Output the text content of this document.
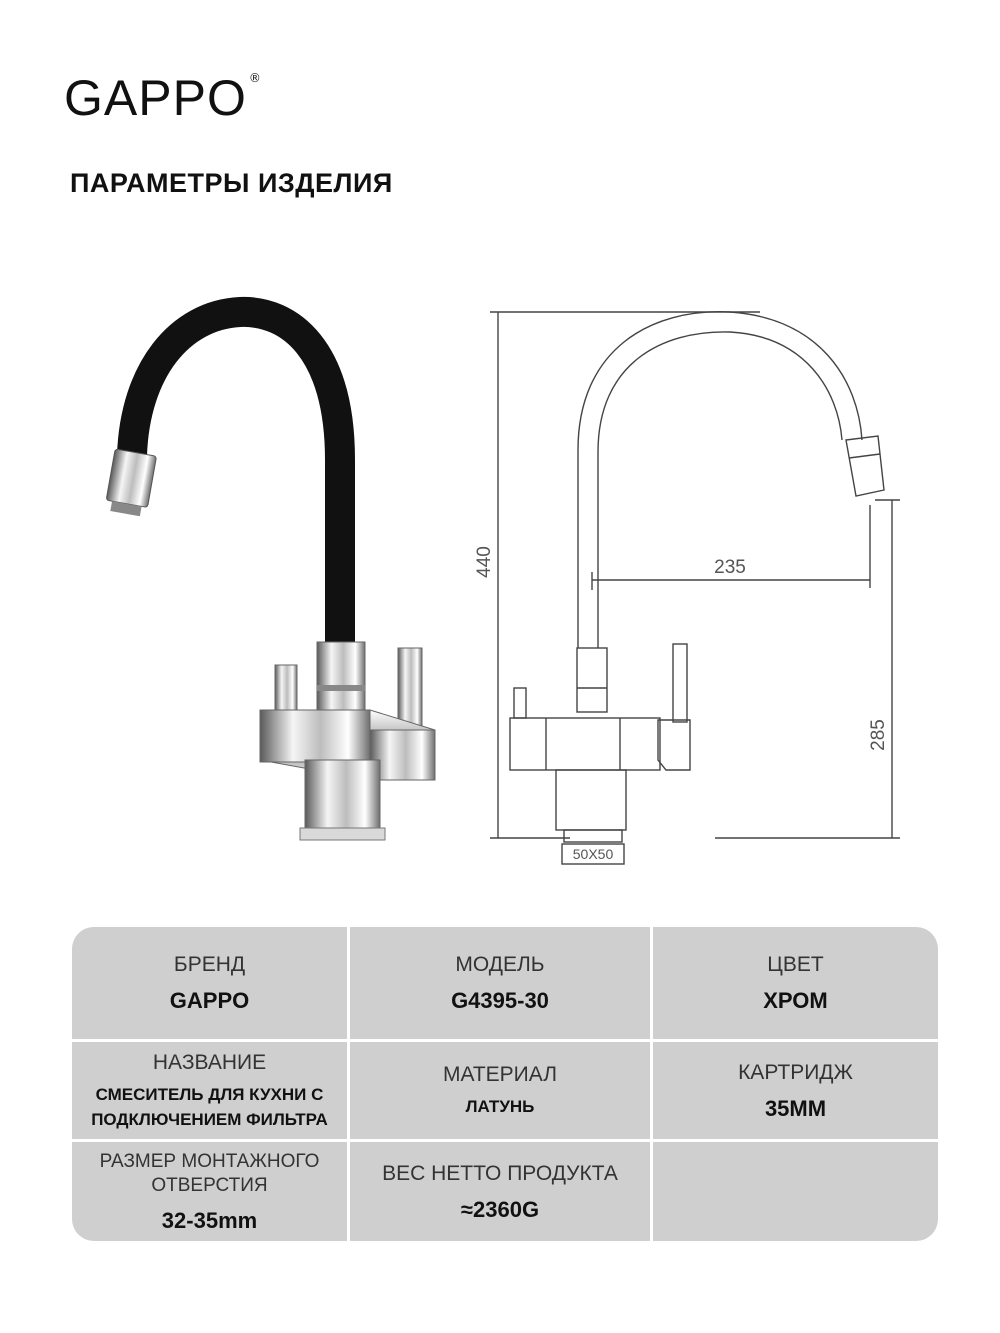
GAPPO ®
ПАРАМЕТРЫ ИЗДЕЛИЯ
440	235
285
50X50
БРЕНД
GAPPO
МОДЕЛЬ
G4395-30
ЦВЕТ
ХРОМ
НАЗВАНИЕ
СМЕСИТЕЛЬ ДЛЯ КУХНИ С
ПОДКЛЮЧЕНИЕМ ФИЛЬТРА
МАТЕРИАЛ
ЛАТУНЬ
КАРТРИДЖ
35MM
РАЗМЕР МОНТАЖНОГО
ОТВЕРСТИЯ
32-35mm
ВЕС НЕТТО ПРОДУКТА
≈2360G
